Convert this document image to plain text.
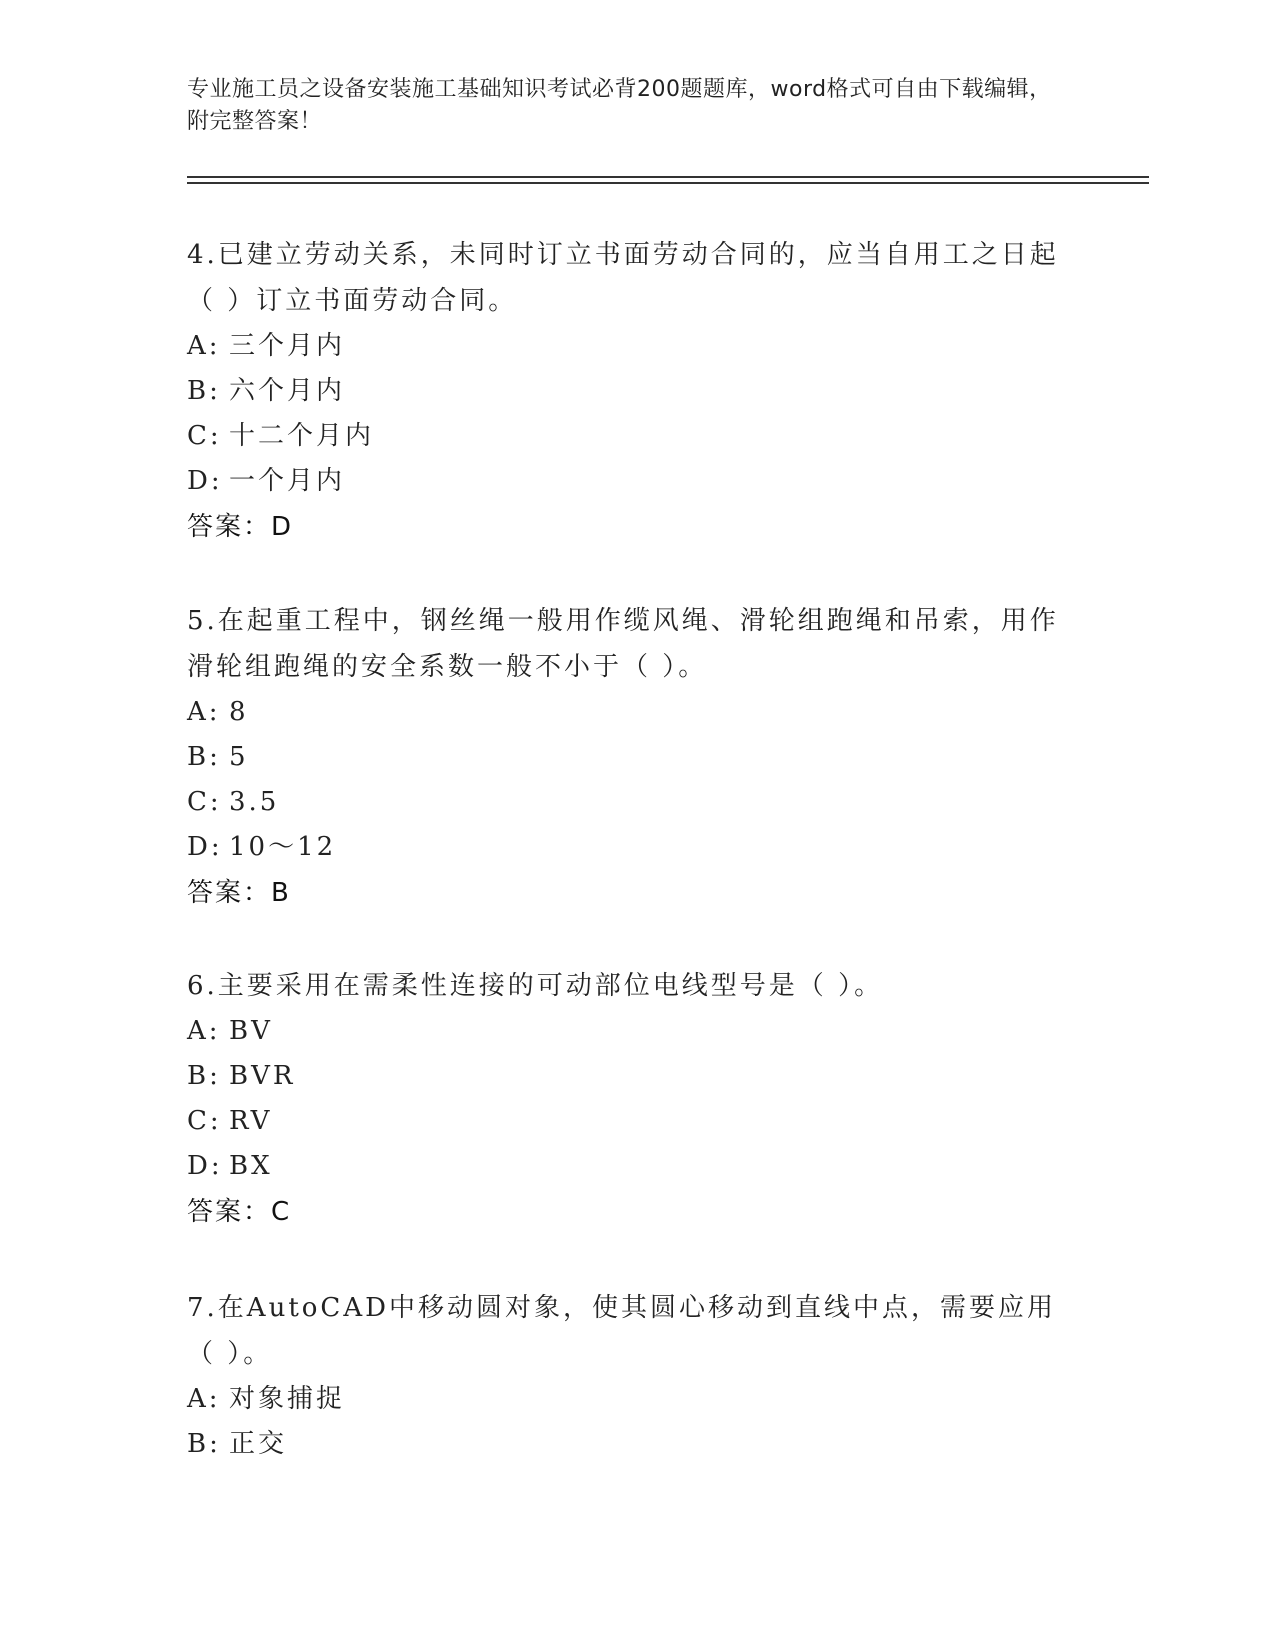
专业施工员之设备安装施工基础知识考试必背200题题库，word格式可自由下载编辑，附完整答案！

4.已建立劳动关系，未同时订立书面劳动合同的，应当自用工之日起（ ）订立书面劳动合同。

A: 三个月内
B: 六个月内
C: 十二个月内
D: 一个月内
答案：D

5.在起重工程中，钢丝绳一般用作缆风绳、滑轮组跑绳和吊索，用作滑轮组跑绳的安全系数一般不小于（ ）。

A: 8
B: 5
C: 3.5
D: 10～12
答案：B

6.主要采用在需柔性连接的可动部位电线型号是（ ）。

A: BV
B: BVR
C: RV
D: BX
答案：C

7.在AutoCAD中移动圆对象，使其圆心移动到直线中点，需要应用（ ）。

A: 对象捕捉
B: 正交
